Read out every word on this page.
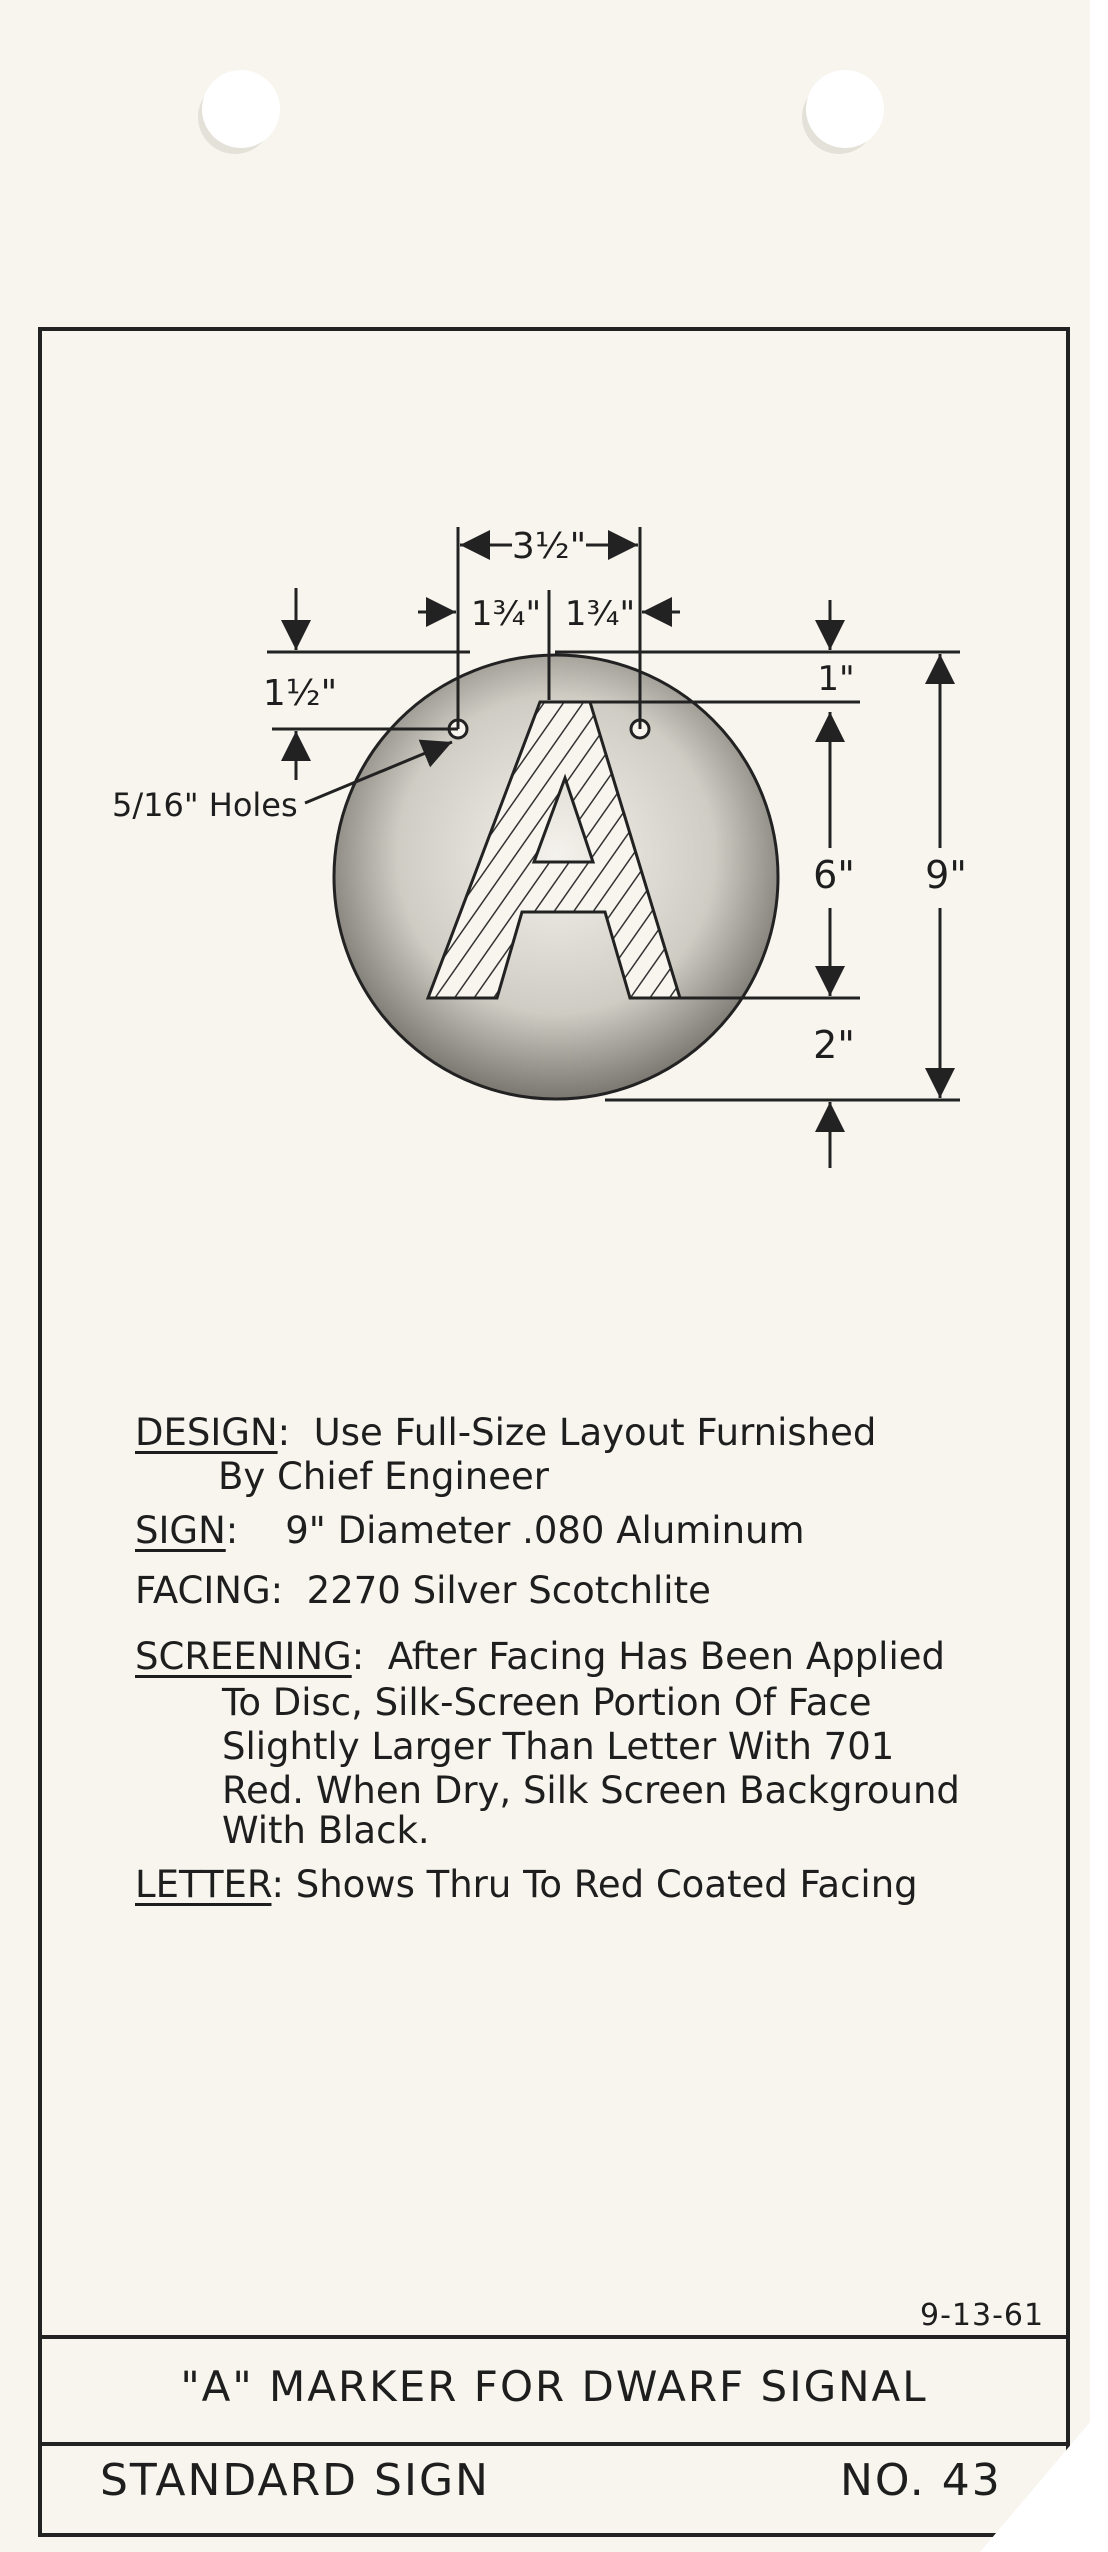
3½"
1¾" 1¾"
1½"	1"
6"
2"
9"
5/16" Holes
DESIGN:  Use Full-Size Layout Furnished
By Chief Engineer
SIGN:    9" Diameter .080 Aluminum
FACING:  2270 Silver Scotchlite
SCREENING:  After Facing Has Been Applied
To Disc, Silk-Screen Portion Of Face
Slightly Larger Than Letter With 701
Red. When Dry, Silk Screen Background
With Black.
LETTER: Shows Thru To Red Coated Facing
9-13-61
"A" MARKER FOR DWARF SIGNAL
STANDARD SIGN	NO. 43
